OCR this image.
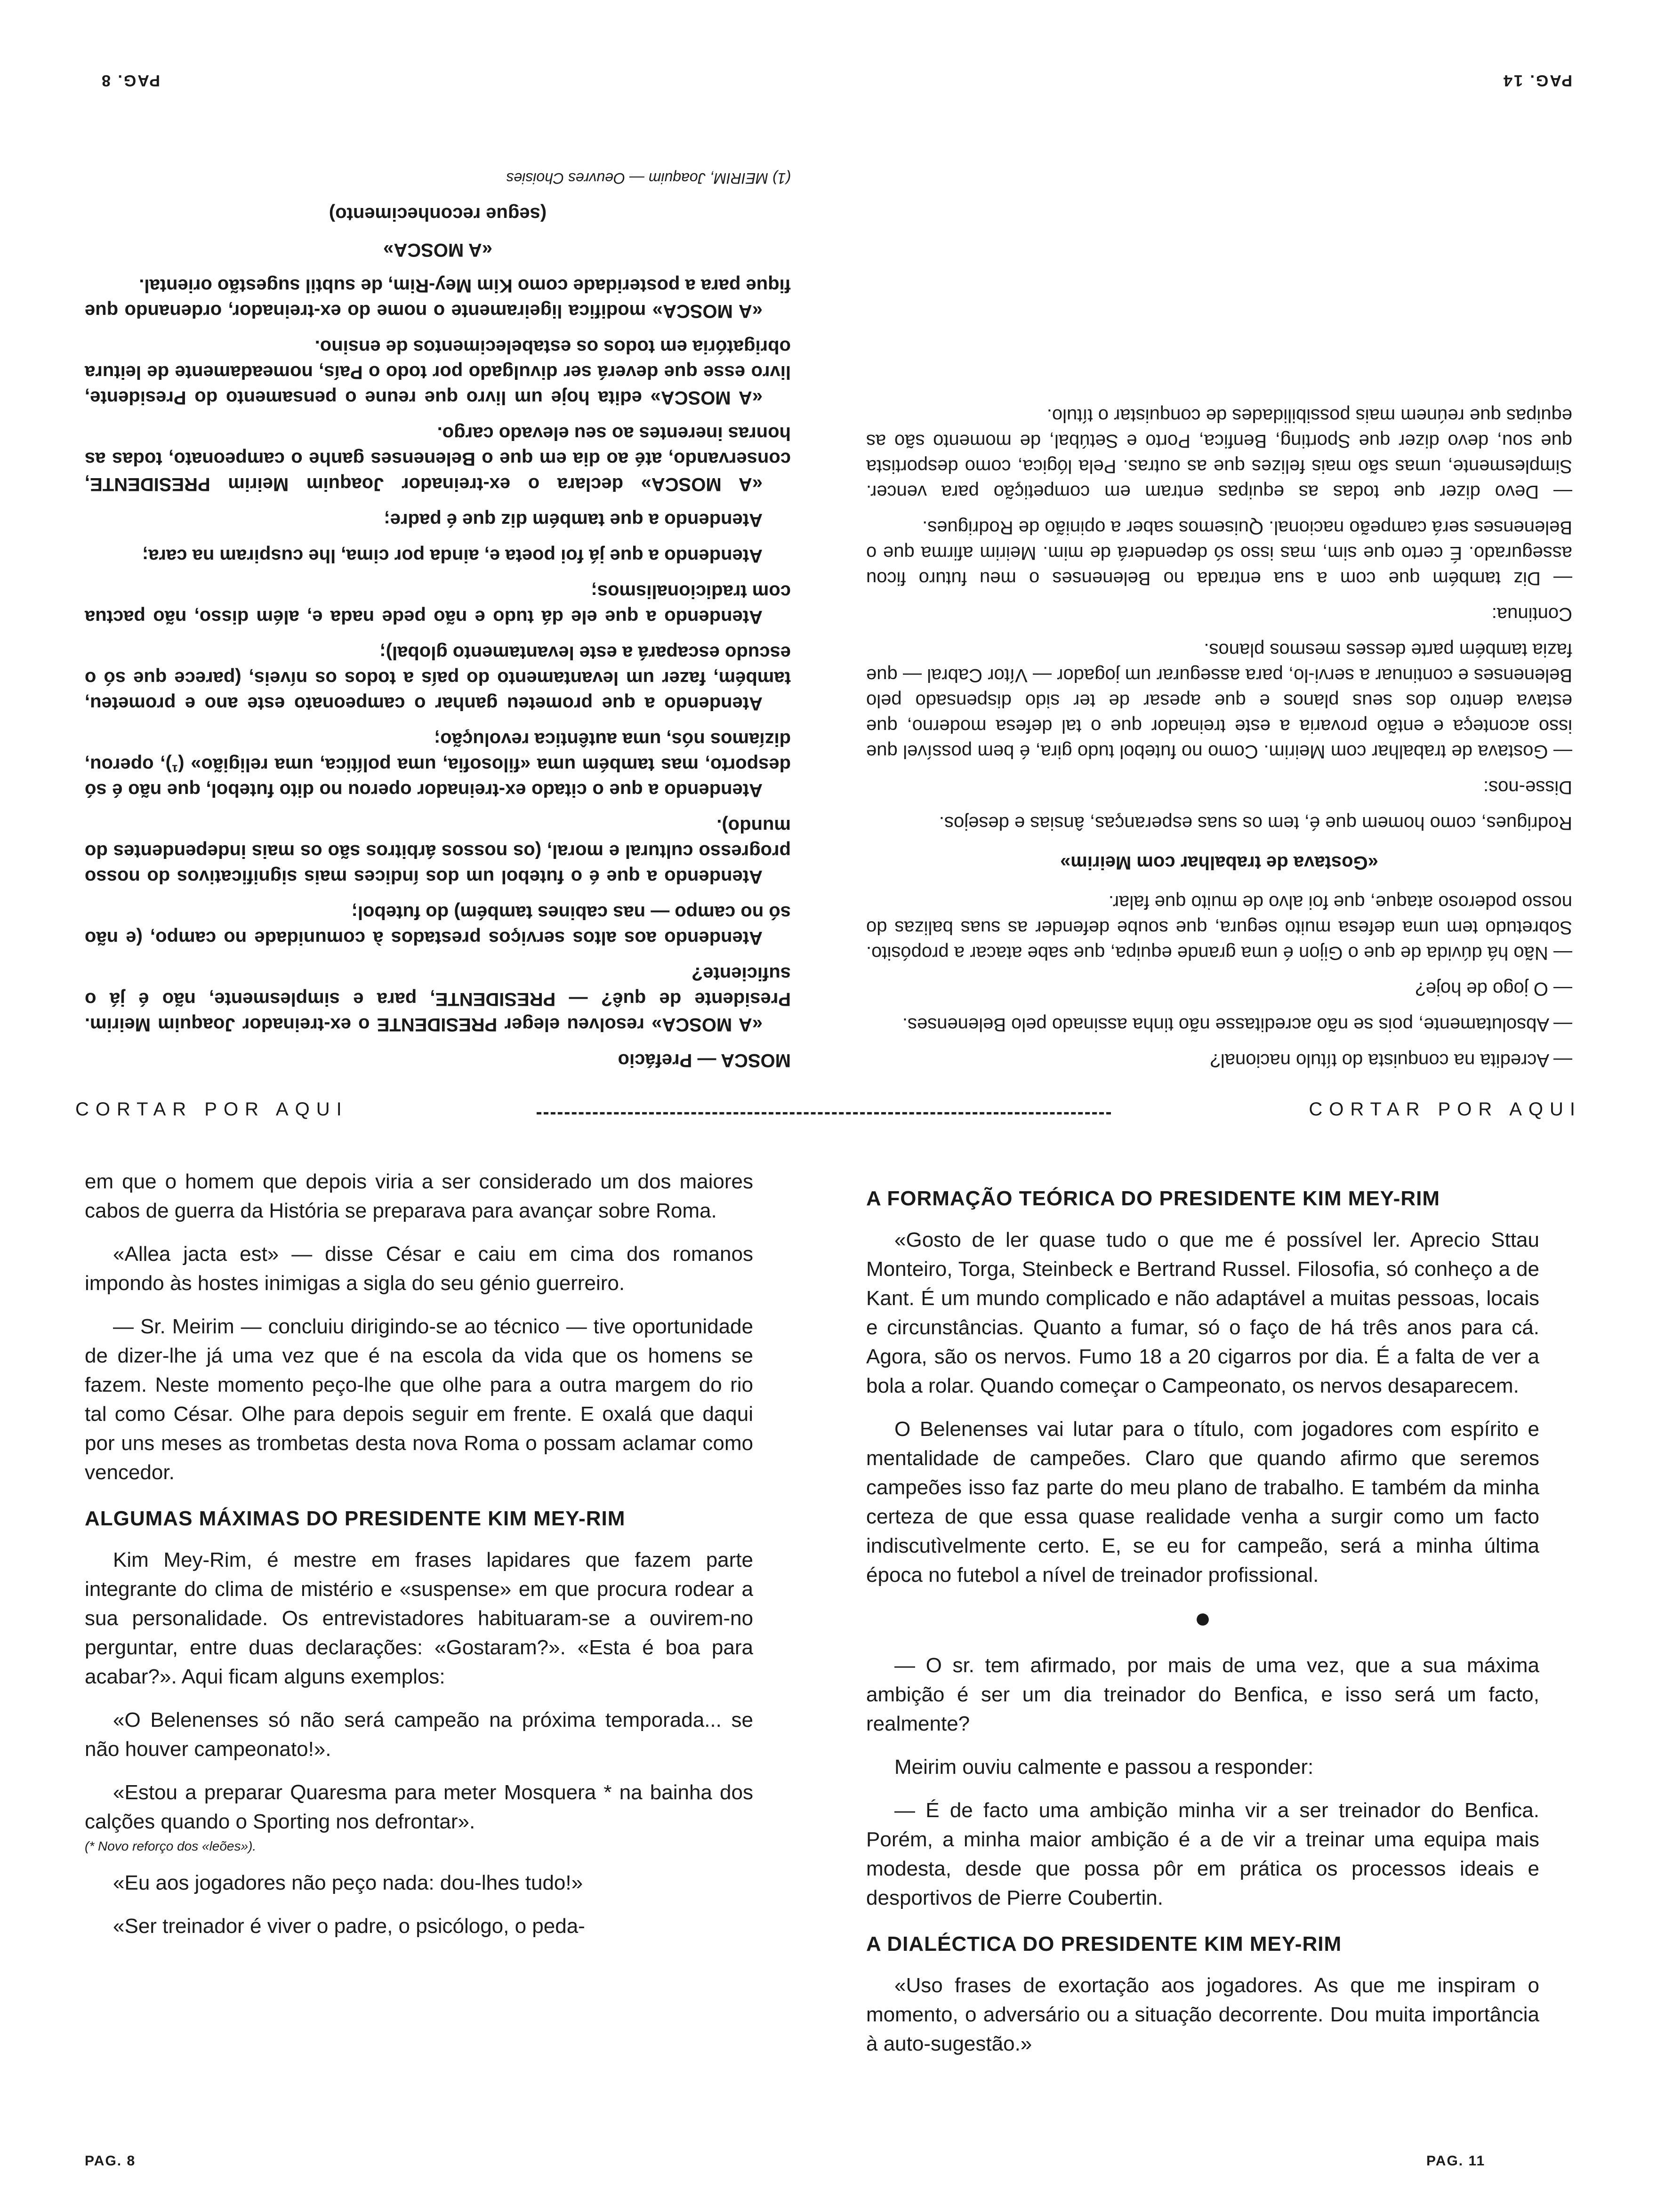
— Acredita na conquista do título nacional?

— Absolutamente, pois se não acreditasse não tinha assinado pelo Belenenses.

— O jogo de hoje?

— Não há dúvida de que o Gijon é uma grande equipa, que sabe atacar a propósito. Sobretudo tem uma defesa muito segura, que soube defender as suas balizas do nosso poderoso ataque, que foi alvo de muito que falar.

«Gostava de trabalhar com Meirim»

Rodrigues, como homem que é, tem os suas esperanças, ânsias e desejos.

Disse-nos:

— Gostava de trabalhar com Meirim. Como no futebol tudo gira, é bem possível que isso aconteça e então provaria a este treinador que o tal defesa moderno, que estava dentro dos seus planos e que apesar de ter sido dispensado pelo Belenenses e continuar a servi-lo, para assegurar um jogador — Vítor Cabral — que fazia também parte desses mesmos planos.

Continua:

— Diz também que com a sua entrada no Belenenses o meu futuro ficou assegurado. É certo que sim, mas isso só dependerá de mim. Meirim afirma que o Belenenses será campeão nacional. Quisemos saber a opinião de Rodrigues.

— Devo dizer que todas as equipas entram em competição para vencer. Simplesmente, umas são mais felizes que as outras. Pela lógica, como desportista que sou, devo dizer que Sporting, Benfica, Porto e Setúbal, de momento são as equipas que reúnem mais possibilidades de conquistar o título.

MOSCA — Prefácio

«A MOSCA» resolveu eleger PRESIDENTE o ex-treinador Joaquim Meirim. Presidente de quê? — PRESIDENTE, para e simplesmente, não é já o suficiente?

Atendendo aos altos serviços prestados à comunidade no campo, (e não só no campo — nas cabines também) do futebol;

Atendendo a que é o futebol um dos índices mais significativos do nosso progresso cultural e moral, (os nossos árbitros são os mais independentes do mundo).

Atendendo a que o citado ex-treinador operou no dito futebol, que não é só desporto, mas também uma «filosofia, uma política, uma religião» (¹), operou, dizíamos nós, uma autêntica revolução;

Atendendo a que prometeu ganhar o campeonato este ano e prometeu, também, fazer um levantamento do país a todos os níveis, (parece que só o escudo escapará a este levantamento global);

Atendendo a que ele dá tudo e não pede nada e, além disso, não pactua com tradicionalismos;

Atendendo a que já foi poeta e, ainda por cima, lhe cuspiram na cara;

Atendendo a que também diz que é padre;

«A MOSCA» declara o ex-treinador Joaquim Meirim PRESIDENTE, conservando, até ao dia em que o Belenenses ganhe o campeonato, todas as honras inerentes ao seu elevado cargo.

«A MOSCA» edita hoje um livro que reune o pensamento do Presidente, livro esse que deverá ser divulgado por todo o País, nomeadamente de leitura obrigatória em todos os estabelecimentos de ensino.

«A MOSCA» modifica ligeiramente o nome do ex-treinador, ordenando que fique para a posteridade como Kim Mey-Rim, de subtil sugestão oriental.

«A MOSCA»

(segue reconhecimento)

(1) MEIRIM, Joaquim — Oeuvres Choisies

PAG. 14
PAG. 8
CORTAR POR AQUI	CORTAR POR AQUI

em que o homem que depois viria a ser considerado um dos maiores cabos de guerra da História se preparava para avançar sobre Roma.

«Allea jacta est» — disse César e caiu em cima dos romanos impondo às hostes inimigas a sigla do seu génio guerreiro.

— Sr. Meirim — concluiu dirigindo-se ao técnico — tive oportunidade de dizer-lhe já uma vez que é na escola da vida que os homens se fazem. Neste momento peço-lhe que olhe para a outra margem do rio tal como César. Olhe para depois seguir em frente. E oxalá que daqui por uns meses as trombetas desta nova Roma o possam aclamar como vencedor.

ALGUMAS MÁXIMAS DO PRESIDENTE KIM MEY-RIM

Kim Mey-Rim, é mestre em frases lapidares que fazem parte integrante do clima de mistério e «suspense» em que procura rodear a sua personalidade. Os entrevistadores habituaram-se a ouvirem-no perguntar, entre duas declarações: «Gostaram?». «Esta é boa para acabar?». Aqui ficam alguns exemplos:

«O Belenenses só não será campeão na próxima temporada... se não houver campeonato!».

«Estou a preparar Quaresma para meter Mosquera * na bainha dos calções quando o Sporting nos defrontar».

(* Novo reforço dos «leões»).

«Eu aos jogadores não peço nada: dou-lhes tudo!»

«Ser treinador é viver o padre, o psicólogo, o peda-

A FORMAÇÃO TEÓRICA DO PRESIDENTE KIM MEY-RIM

«Gosto de ler quase tudo o que me é possível ler. Aprecio Sttau Monteiro, Torga, Steinbeck e Bertrand Russel. Filosofia, só conheço a de Kant. É um mundo complicado e não adaptável a muitas pessoas, locais e circunstâncias. Quanto a fumar, só o faço de há três anos para cá. Agora, são os nervos. Fumo 18 a 20 cigarros por dia. É a falta de ver a bola a rolar. Quando começar o Campeonato, os nervos desaparecem.

O Belenenses vai lutar para o título, com jogadores com espírito e mentalidade de campeões. Claro que quando afirmo que seremos campeões isso faz parte do meu plano de trabalho. E também da minha certeza de que essa quase realidade venha a surgir como um facto indiscutìvelmente certo. E, se eu for campeão, será a minha última época no futebol a nível de treinador profissional.

●

— O sr. tem afirmado, por mais de uma vez, que a sua máxima ambição é ser um dia treinador do Benfica, e isso será um facto, realmente?

Meirim ouviu calmente e passou a responder:

— É de facto uma ambição minha vir a ser treinador do Benfica. Porém, a minha maior ambição é a de vir a treinar uma equipa mais modesta, desde que possa pôr em prática os processos ideais e desportivos de Pierre Coubertin.

A DIALÉCTICA DO PRESIDENTE KIM MEY-RIM

«Uso frases de exortação aos jogadores. As que me inspiram o momento, o adversário ou a situação decorrente. Dou muita importância à auto-sugestão.»

PAG. 8	PAG. 11
